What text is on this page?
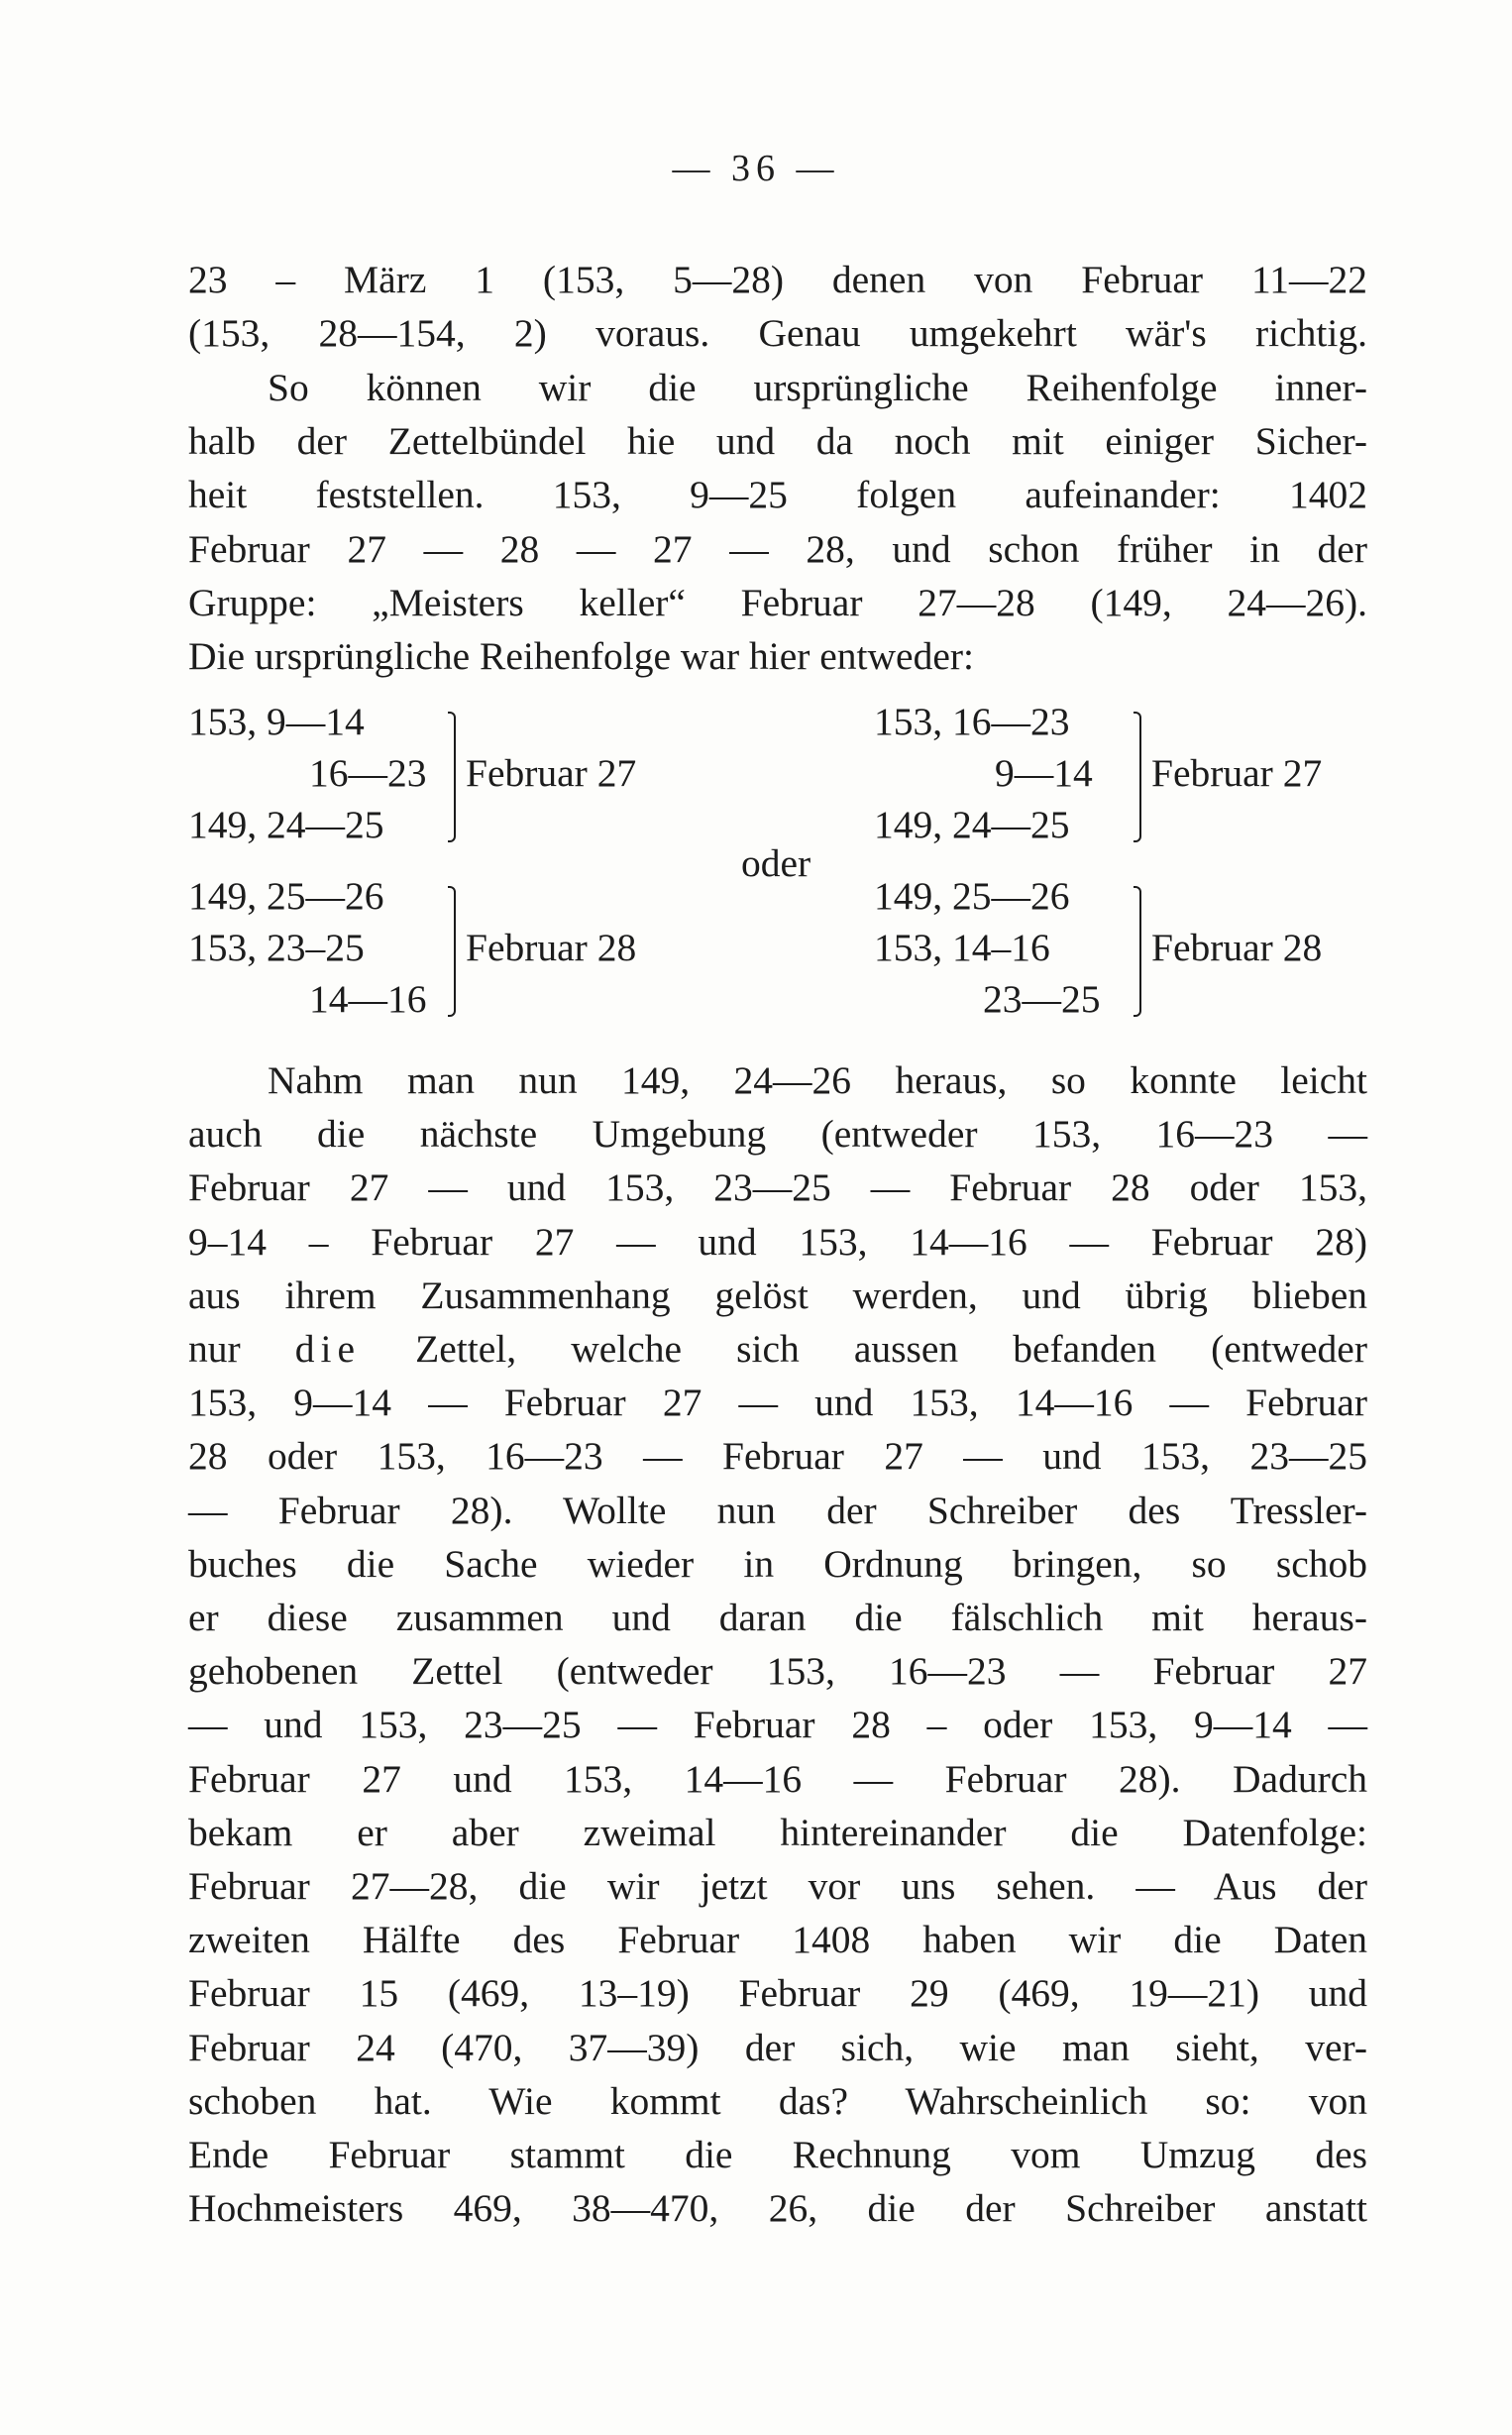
— 36 —
23 – März 1 (153, 5—28) denen von Februar 11—22
(153, 28—154, 2) voraus. Genau umgekehrt wär's richtig.
So können wir die ursprüngliche Reihenfolge inner-
halb der Zettelbündel hie und da noch mit einiger Sicher-
heit feststellen. 153, 9—25 folgen aufeinander: 1402
Februar 27 — 28 — 27 — 28, und schon früher in der
Gruppe: „Meisters keller“ Februar 27—28 (149, 24—26).
Die ursprüngliche Reihenfolge war hier entweder:
153, 9—14
16—23
149, 24—25
Februar 27
149, 25—26
153, 23–25
14—16
Februar 28
oder
153, 16—23
9—14
149, 24—25
Februar 27
149, 25—26
153, 14–16
23—25
Februar 28
Nahm man nun 149, 24—26 heraus, so konnte leicht
auch die nächste Umgebung (entweder 153, 16—23 —
Februar 27 — und 153, 23—25 — Februar 28 oder 153,
9–14 – Februar 27 — und 153, 14—16 — Februar 28)
aus ihrem Zusammenhang gelöst werden, und übrig blieben
nur die Zettel, welche sich aussen befanden (entweder
153, 9—14 — Februar 27 — und 153, 14—16 — Februar
28 oder 153, 16—23 — Februar 27 — und 153, 23—25
— Februar 28). Wollte nun der Schreiber des Tressler-
buches die Sache wieder in Ordnung bringen, so schob
er diese zusammen und daran die fälschlich mit heraus-
gehobenen Zettel (entweder 153, 16—23 — Februar 27
— und 153, 23—25 — Februar 28 – oder 153, 9—14 —
Februar 27 und 153, 14—16 — Februar 28). Dadurch
bekam er aber zweimal hintereinander die Datenfolge:
Februar 27—28, die wir jetzt vor uns sehen. — Aus der
zweiten Hälfte des Februar 1408 haben wir die Daten
Februar 15 (469, 13–19) Februar 29 (469, 19—21) und
Februar 24 (470, 37—39) der sich, wie man sieht, ver-
schoben hat. Wie kommt das? Wahrscheinlich so: von
Ende Februar stammt die Rechnung vom Umzug des
Hochmeisters 469, 38—470, 26, die der Schreiber anstatt
